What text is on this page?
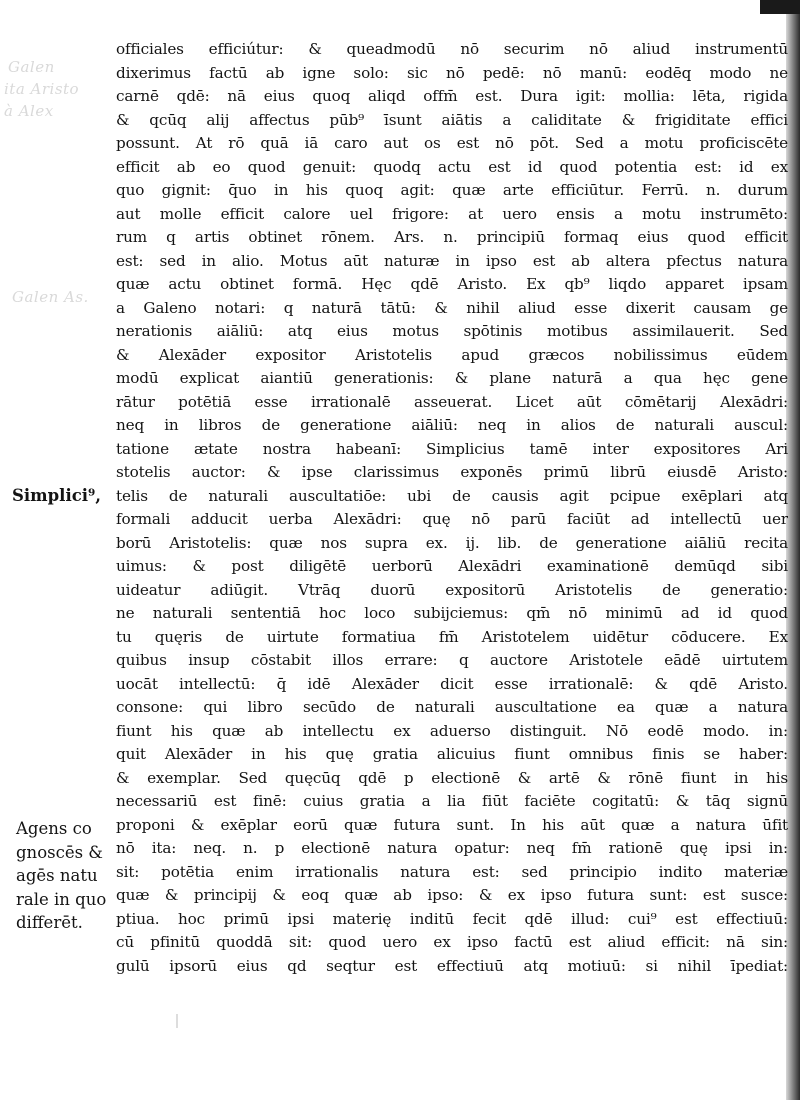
Galen
ita Aristo
à Alex
Galen As.
officiales efficiútur: & queadmodū nō securim nō aliud instrumentū
dixerimus factū ab igne solo: sic nō pedē: nō manū: eodēq modo ne
carnē qdē: nā eius quoq aliqd offm̄ est. Dura igit: mollia: lēta, rigida
& qcūq alij affectus pūb⁹ īsunt aiātis a caliditate & frigiditate effici
possunt. At rō quā iā caro aut os est nō pōt. Sed a motu proficiscēte
efficit ab eo quod genuit: quodq actu est id quod potentia est: id ex
quo gignit: q̄uo in his quoq agit: quæ arte efficiūtur. Ferrū. n. durum
aut molle efficit calore uel frigore: at uero ensis a motu instrumēto:
rum q artis obtinet rōnem. Ars. n. principiū formaq eius quod efficit
est: sed in alio. Motus aūt naturæ in ipso est ab altera pfectus natura
quæ actu obtinet formā. Hęc qdē Aristo. Ex qb⁹ liqdo apparet ipsam
a Galeno notari: q naturā tātū: & nihil aliud esse dixerit causam ge
nerationis aiāliū: atq eius motus spōtinis motibus assimilauerit. Sed
& Alexāder expositor Aristotelis apud græcos nobilissimus eūdem
modū explicat aiantiū generationis: & plane naturā a qua hęc gene
rātur potētiā esse irrationalē asseuerat. Licet aūt cōmētarij Alexādri:
neq in libros de generatione aiāliū: neq in alios de naturali auscul:
tatione ætate nostra habeanī: Simplicius tamē inter expositores Ari
stotelis auctor: & ipse clarissimus exponēs primū librū eiusdē Aristo:
telis de naturali auscultatiōe: ubi de causis agit pcipue exēplari atq
formali adducit uerba Alexādri: quę nō parū faciūt ad intellectū uer
borū Aristotelis: quæ nos supra ex. ij. lib. de generatione aiāliū recita
uimus: & post diligētē uerborū Alexādri examinationē demūqd sibi
uideatur adiūgit. Vtrāq duorū expositorū Aristotelis de generatio:
ne naturali sententiā hoc loco subijciemus: qm̄ nō minimū ad id quod
tu quęris de uirtute formatiua fm̄ Aristotelem uidētur cōducere. Ex
quibus insup cōstabit illos errare: q auctore Aristotele eādē uirtutem
uocāt intellectū: q̄ idē Alexāder dicit esse irrationalē: & qdē Aristo.
consone: qui libro secūdo de naturali auscultatione ea quæ a natura
fiunt his quæ ab intellectu ex aduerso distinguit. Nō eodē modo. in:
quit Alexāder in his quę gratia alicuius fiunt omnibus finis se haber:
& exemplar. Sed quęcūq qdē p electionē & artē & rōnē fiunt in his
necessariū est finē: cuius gratia a lia fiūt faciēte cogitatū: & tāq signū
proponi & exēplar eorū quæ futura sunt. In his aūt quæ a natura ūfit
nō ita: neq. n. p electionē natura opatur: neq fm̄ rationē quę ipsi in:
sit: potētia enim irrationalis natura est: sed principio indito materiæ
quæ & principij & eoq quæ ab ipso: & ex ipso futura sunt: est susce:
ptiua. hoc primū ipsi materię inditū fecit qdē illud: cui⁹ est effectiuū:
cū pfinitū quoddā sit: quod uero ex ipso factū est aliud efficit: nā sin:
gulū ipsorū eius qd seqtur est effectiuū atq motiuū: si nihil īpediat:
Simplici⁹,
Agens co
gnoscēs &
agēs natu
rale in quo
differēt.
